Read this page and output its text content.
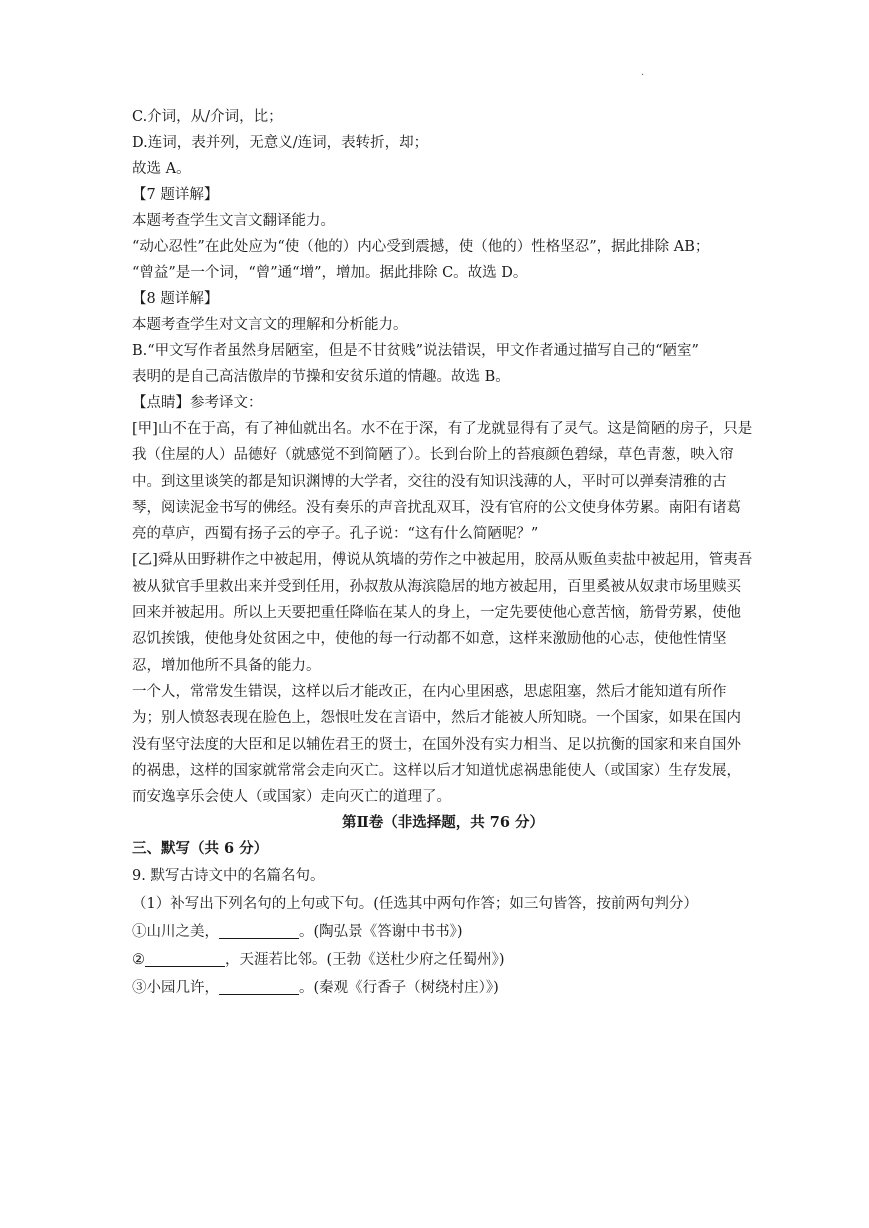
·
C.介词，从/介词，比；
D.连词，表并列，无意义/连词，表转折，却；
故选 A。
【7 题详解】
本题考查学生文言文翻译能力。
“动心忍性”在此处应为“使（他的）内心受到震撼，使（他的）性格坚忍”，据此排除 AB；
“曾益”是一个词，“曾”通“增”，增加。据此排除 C。故选 D。
【8 题详解】
本题考查学生对文言文的理解和分析能力。
B.“甲文写作者虽然身居陋室，但是不甘贫贱”说法错误，甲文作者通过描写自己的“陋室”
表明的是自己高洁傲岸的节操和安贫乐道的情趣。故选 B。
【点睛】参考译文：
[甲]山不在于高，有了神仙就出名。水不在于深，有了龙就显得有了灵气。这是简陋的房子，只是我（住屋的人）品德好（就感觉不到简陋了）。长到台阶上的苔痕颜色碧绿，草色青葱，映入帘中。到这里谈笑的都是知识渊博的大学者，交往的没有知识浅薄的人，平时可以弹奏清雅的古琴，阅读泥金书写的佛经。没有奏乐的声音扰乱双耳，没有官府的公文使身体劳累。南阳有诸葛亮的草庐，西蜀有扬子云的亭子。孔子说：“这有什么简陋呢？”
[乙]舜从田野耕作之中被起用，傅说从筑墙的劳作之中被起用，胶鬲从贩鱼卖盐中被起用，管夷吾被从狱官手里救出来并受到任用，孙叔敖从海滨隐居的地方被起用，百里奚被从奴隶市场里赎买回来并被起用。所以上天要把重任降临在某人的身上，一定先要使他心意苦恼，筋骨劳累，使他忍饥挨饿，使他身处贫困之中，使他的每一行动都不如意，这样来激励他的心志，使他性情坚忍，增加他所不具备的能力。
一个人，常常发生错误，这样以后才能改正，在内心里困惑，思虑阻塞，然后才能知道有所作为；别人愤怒表现在脸色上，怨恨吐发在言语中，然后才能被人所知晓。一个国家，如果在国内没有坚守法度的大臣和足以辅佐君王的贤士，在国外没有实力相当、足以抗衡的国家和来自国外的祸患，这样的国家就常常会走向灭亡。这样以后才知道忧虑祸患能使人（或国家）生存发展，而安逸享乐会使人（或国家）走向灭亡的道理了。
第Ⅱ卷（非选择题，共 76 分）
三、默写（共 6 分）
9. 默写古诗文中的名篇名句。
（1）补写出下列名句的上句或下句。(任选其中两句作答；如三句皆答，按前两句判分）
①山川之美，	。(陶弘景《答谢中书书》)
②	，天涯若比邻。(王勃《送杜少府之任蜀州》)
③小园几许，	。(秦观《行香子（树绕村庄）》)
